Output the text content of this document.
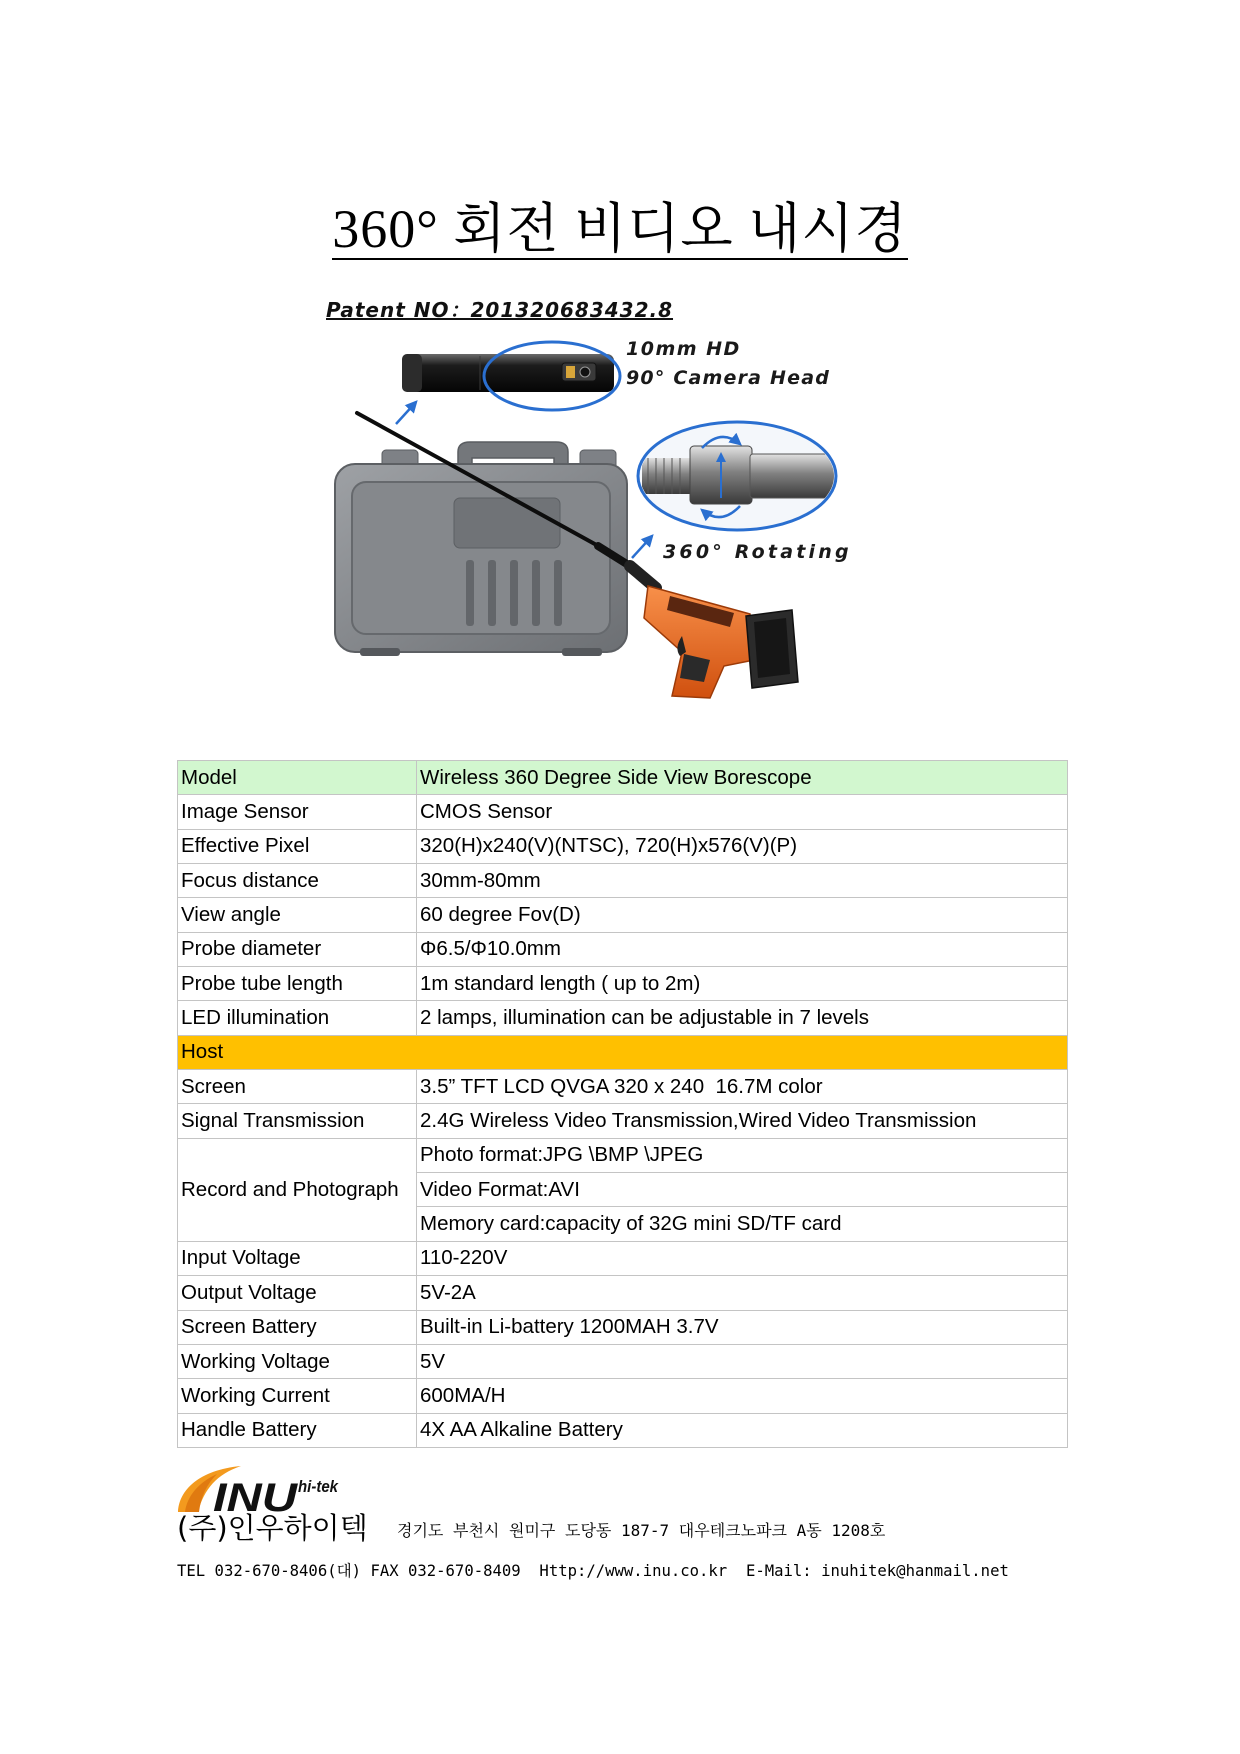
360° 회전 비디오 내시경
Patent NO：201320683432.8
10mm HD
90° Camera Head
360° Rotating
Model	Wireless 360 Degree Side View Borescope
Image Sensor	CMOS Sensor
Effective Pixel	320(H)x240(V)(NTSC), 720(H)x576(V)(P)
Focus distance	30mm-80mm
View angle	60 degree Fov(D)
Probe diameter	Φ6.5/Φ10.0mm
Probe tube length	1m standard length ( up to 2m)
LED illumination	2 lamps, illumination can be adjustable in 7 levels
Host	
Screen	3.5” TFT LCD QVGA 320 x 240  16.7M color
Signal Transmission	2.4G Wireless Video Transmission,Wired Video Transmission
Record and Photograph	Photo format:JPG \BMP \JPEG
	Video Format:AVI
	Memory card:capacity of 32G mini SD/TF card
Input Voltage	110-220V
Output Voltage	5V-2A
Screen Battery	Built-in Li-battery 1200MAH 3.7V
Working Voltage	5V
Working Current	600MA/H
Handle Battery	4X AA Alkaline Battery
INU hi-tek
(주)인우하이텍 경기도 부천시 원미구 도당동 187-7 대우테크노파크 A동 1208호
TEL 032-670-8406(대) FAX 032-670-8409  Http://www.inu.co.kr  E-Mail: inuhitek@hanmail.net
